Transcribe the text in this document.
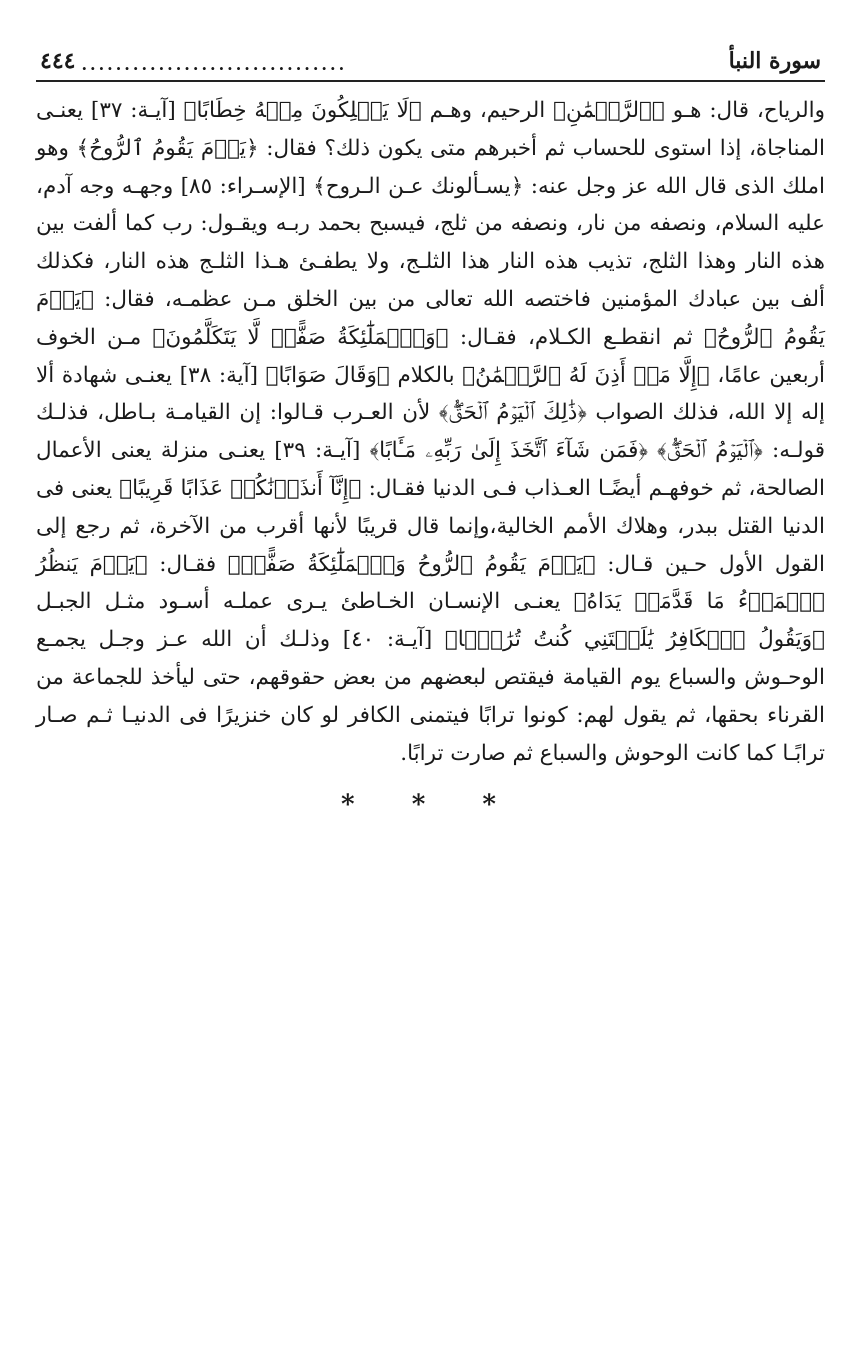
سورة النبأ
...............................
٤٤٤

والرياح، قال: هـو ﴿ٱلرَّحۡمَٰنِ﴾ الرحيم، وهـم ﴿لَا يَمۡلِكُونَ مِنۡهُ خِطَابًا﴾ [آيـة: ٣٧] يعنـى المناجاة، إذا استوى للحساب ثم أخبرهم متى يكون ذلك؟ فقال: ﴿يَوۡمَ يَقُومُ ٱلرُّوحُ﴾ وهو املك الذى قال الله عز وجل عنه: ﴿يسـألونك عـن الـروح﴾ [الإسـراء: ٨٥] وجهـه وجه آدم، عليه السلام، ونصفه من نار، ونصفه من ثلج، فيسبح بحمد ربـه ويقـول: رب كما ألفت بين هذه النار وهذا الثلج، تذيب هذه النار هذا الثلـج، ولا يطفـئ هـذا الثلـج هذه النار، فكذلك ألف بين عبادك المؤمنين فاختصه الله تعالى من بين الخلق مـن عظمـه، فقال: ﴿يَوۡمَ يَقُومُ ٱلرُّوحُ﴾ ثم انقطـع الكـلام، فقـال: ﴿وَٱلۡمَلَٰٓئِكَةُ صَفًّاۖ لَّا يَتَكَلَّمُونَ﴾ مـن الخوف أربعين عامًا، ﴿إِلَّا مَنۡ أَذِنَ لَهُ ٱلرَّحۡمَٰنُ﴾ بالكلام ﴿وَقَالَ صَوَابًا﴾ [آية: ٣٨] يعنـى شهادة ألا إله إلا الله، فذلك الصواب ﴿ذَٰلِكَ ٱلۡيَوۡمُ ٱلۡحَقُّۖ﴾ لأن العـرب قـالوا: إن القيامـة بـاطل، فذلـك قولـه: ﴿ٱلۡيَوۡمُ ٱلۡحَقُّۖ﴾ ﴿فَمَن شَآءَ ٱتَّخَذَ إِلَىٰ رَبِّهِۦ مَـَٔابًا﴾ [آيـة: ٣٩] يعنـى منزلة يعنى الأعمال الصالحة، ثم خوفهـم أيضًـا العـذاب فـى الدنيا فقـال: ﴿إِنَّآ أَنذَرۡنَٰكُمۡ عَذَابًا قَرِيبًا﴾ يعنى فى الدنيا القتل ببدر، وهلاك الأمم الخالية،وإنما قال قريبًا لأنها أقرب من الآخرة، ثم رجع إلى القول الأول حـين قـال: ﴿يَوۡمَ يَقُومُ ٱلرُّوحُ وَٱلۡمَلَٰٓئِكَةُ صَفًّاۖ﴾ فقـال: ﴿يَوۡمَ يَنظُرُ ٱلۡمَرۡءُ مَا قَدَّمَتۡ يَدَاهُ﴾ يعنـى الإنسـان الخـاطئ يـرى عملـه أسـود مثـل الجبـل ﴿وَيَقُولُ ٱلۡكَافِرُ يَٰلَيۡتَنِي كُنتُ تُرَٰبَۢا﴾ [آيـة: ٤٠] وذلـك أن الله عـز وجـل يجمـع الوحـوش والسباع يوم القيامة فيقتص لبعضهم من بعض حقوقهم، حتى ليأخذ للجماعة من القرناء بحقها، ثم يقول لهم: كونوا ترابًا فيتمنى الكافر لو كان خنزيرًا فى الدنيـا ثـم صـار ترابًـا كما كانت الوحوش والسباع ثم صارت ترابًا.

* * *
